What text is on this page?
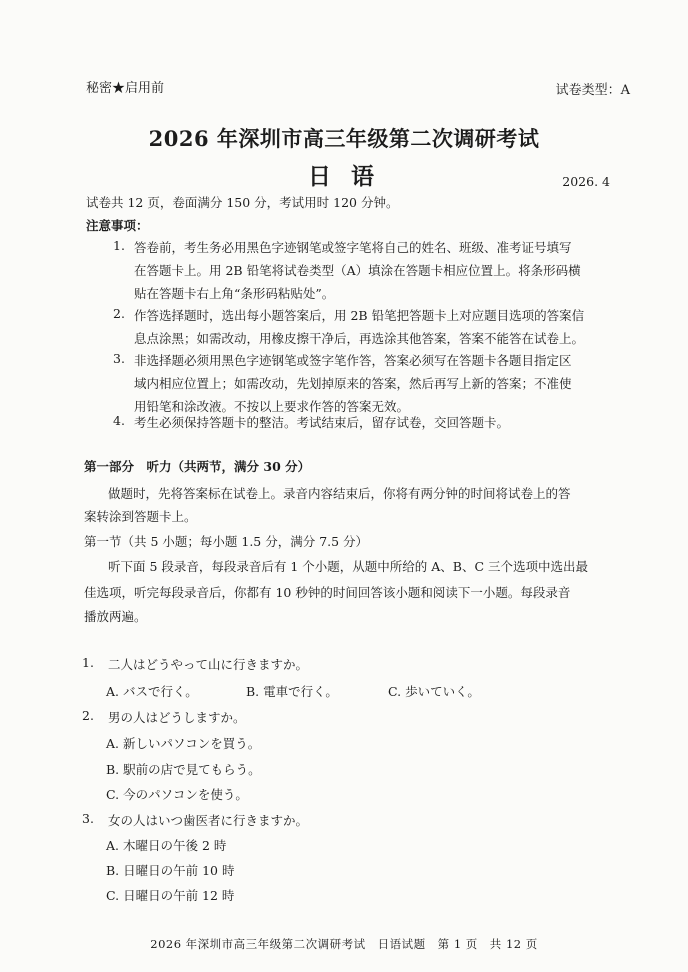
秘密★启用前	试卷类型：A
2026 年深圳市高三年级第二次调研考试
日 语	2026. 4
试卷共 12 页，卷面满分 150 分，考试用时 120 分钟。
注意事项：
1. 答卷前，考生务必用黑色字迹钢笔或签字笔将自己的姓名、班级、准考证号填写
在答题卡上。用 2B 铅笔将试卷类型（A）填涂在答题卡相应位置上。将条形码横
贴在答题卡右上角“条形码粘贴处”。
2. 作答选择题时，选出每小题答案后，用 2B 铅笔把答题卡上对应题目选项的答案信
息点涂黑；如需改动，用橡皮擦干净后，再选涂其他答案，答案不能答在试卷上。
3. 非选择题必须用黑色字迹钢笔或签字笔作答，答案必须写在答题卡各题目指定区
域内相应位置上；如需改动，先划掉原来的答案，然后再写上新的答案；不准使
用铅笔和涂改液。不按以上要求作答的答案无效。
4. 考生必须保持答题卡的整洁。考试结束后，留存试卷，交回答题卡。
第一部分　听力（共两节，满分 30 分）
做题时，先将答案标在试卷上。录音内容结束后，你将有两分钟的时间将试卷上的答
案转涂到答题卡上。
第一节（共 5 小题；每小题 1.5 分，满分 7.5 分）
听下面 5 段录音，每段录音后有 1 个小题，从题中所给的 A、B、C 三个选项中选出最
佳选项，听完每段录音后，你都有 10 秒钟的时间回答该小题和阅读下一小题。每段录音
播放两遍。
1. 二人はどうやって山に行きますか。
A. バスで行く。	B. 電車で行く。	C. 歩いていく。
2. 男の人はどうしますか。
A. 新しいパソコンを買う。
B. 駅前の店で見てもらう。
C. 今のパソコンを使う。
3. 女の人はいつ歯医者に行きますか。
A. 木曜日の午後 2 時
B. 日曜日の午前 10 時
C. 日曜日の午前 12 時
2026 年深圳市高三年级第二次调研考试　日语试题　第 1 页　共 12 页
